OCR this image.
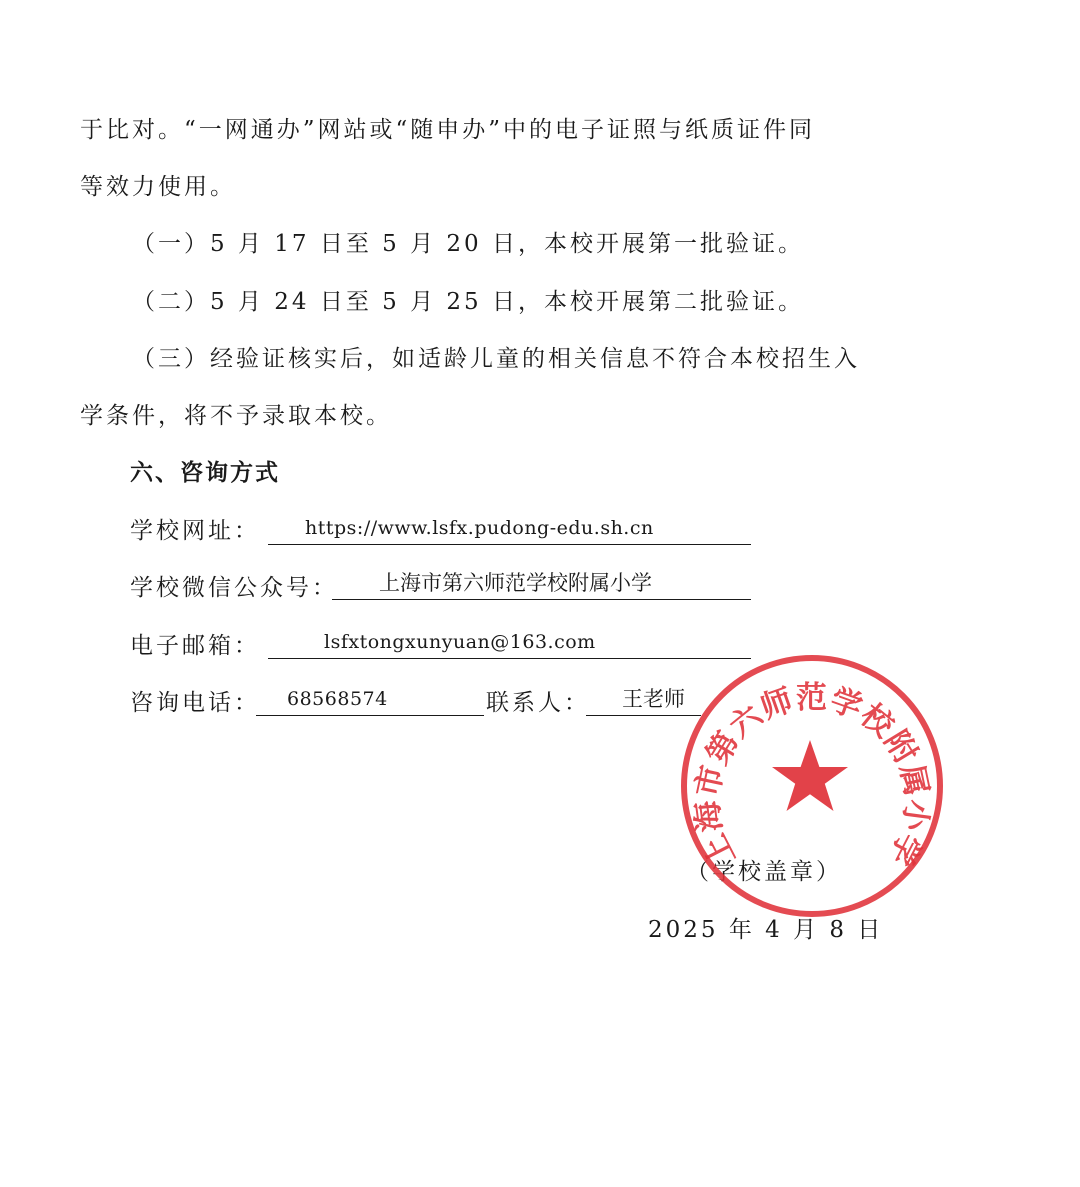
于比对。“一网通办”网站或“随申办”中的电子证照与纸质证件同
等效力使用。
（一）5 月 17 日至 5 月 20 日，本校开展第一批验证。
（二）5 月 24 日至 5 月 25 日，本校开展第二批验证。
（三）经验证核实后，如适龄儿童的相关信息不符合本校招生入
学条件，将不予录取本校。
六、咨询方式
学校网址： https://www.lsfx.pudong-edu.sh.cn
学校微信公众号： 上海市第六师范学校附属小学
电子邮箱：	lsfxtongxunyuan@163.com
咨询电话： 68568574	联系人： 王老师
（学校盖章）
2025 年 4 月 8 日
上海市第六师范学校附属小学
